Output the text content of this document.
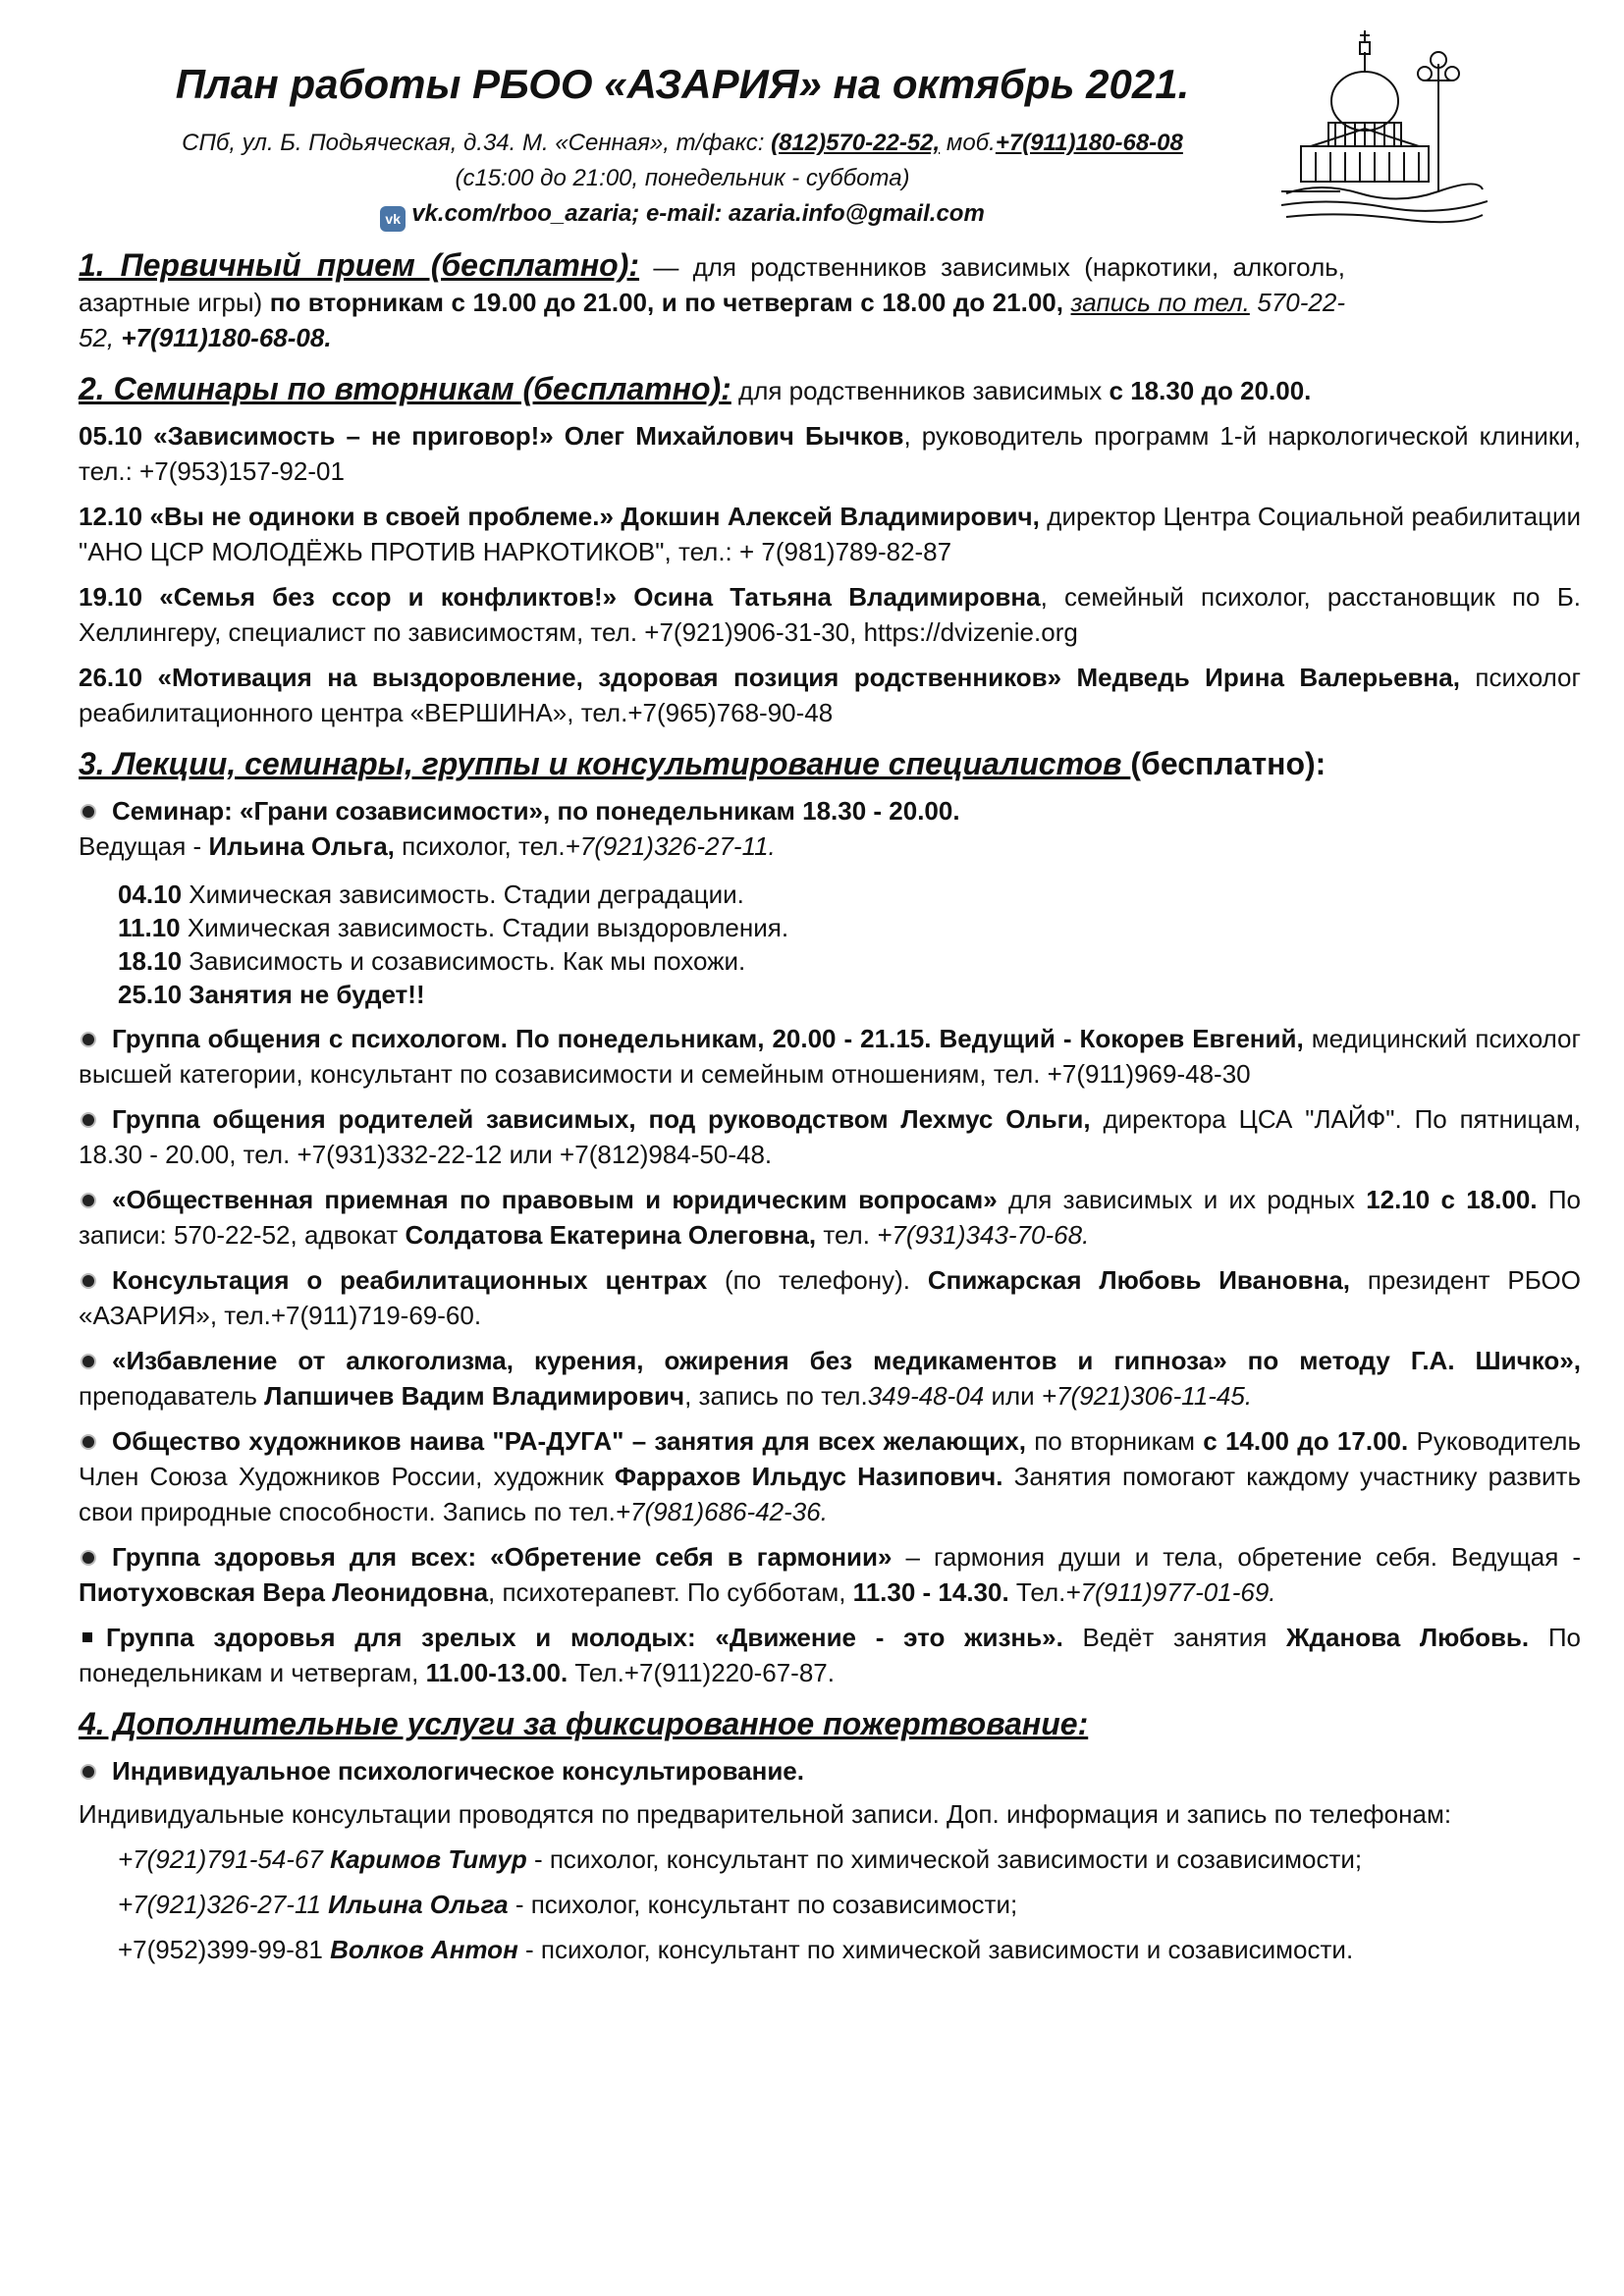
План работы РБОО «АЗАРИЯ» на октябрь 2021.
СПб, ул. Б. Подьяческая, д.34. М. «Сенная», т/факс: (812)570-22-52, моб.+7(911)180-68-08
(с15:00 до 21:00, понедельник - суббота)
vk vk.com/rboo_azaria; e-mail: azaria.info@gmail.com

1. Первичный прием (бесплатно): — для родственников зависимых (наркотики, алкоголь, азартные игры) по вторникам с 19.00 до 21.00, и по четвергам с 18.00 до 21.00, запись по тел. 570-22-52, +7(911)180-68-08.

2. Семинары по вторникам (бесплатно): для родственников зависимых с 18.30 до 20.00.

05.10 «Зависимость – не приговор!» Олег Михайлович Бычков, руководитель программ 1-й наркологической клиники, тел.: +7(953)157-92-01

12.10 «Вы не одиноки в своей проблеме.» Докшин Алексей Владимирович, директор Центра Социальной реабилитации "АНО ЦСР МОЛОДЁЖЬ ПРОТИВ НАРКОТИКОВ", тел.: + 7(981)789-82-87

19.10 «Семья без ссор и конфликтов!» Осина Татьяна Владимировна, семейный психолог, расстановщик по Б. Хеллингеру, специалист по зависимостям, тел. +7(921)906-31-30, https://dvizenie.org

26.10 «Мотивация на выздоровление, здоровая позиция родственников» Медведь Ирина Валерьевна, психолог реабилитационного центра «ВЕРШИНА», тел.+7(965)768-90-48

3. Лекции, семинары, группы и консультирование специалистов (бесплатно):

Семинар: «Грани созависимости», по понедельникам 18.30 - 20.00.

Ведущая - Ильина Ольга, психолог, тел.+7(921)326-27-11.

04.10 Химическая зависимость. Стадии деградации.

11.10 Химическая зависимость. Стадии выздоровления.

18.10 Зависимость и созависимость. Как мы похожи.

25.10 Занятия не будет!!

Группа общения с психологом. По понедельникам, 20.00 - 21.15. Ведущий - Кокорев Евгений, медицинский психолог высшей категории, консультант по созависимости и семейным отношениям, тел. +7(911)969-48-30

Группа общения родителей зависимых, под руководством Лехмус Ольги, директора ЦСА "ЛАЙФ". По пятницам, 18.30 - 20.00, тел. +7(931)332-22-12 или +7(812)984-50-48.

«Общественная приемная по правовым и юридическим вопросам» для зависимых и их родных 12.10 с 18.00. По записи: 570-22-52, адвокат Солдатова Екатерина Олеговна, тел. +7(931)343-70-68.

Консультация о реабилитационных центрах (по телефону). Спижарская Любовь Ивановна, президент РБОО «АЗАРИЯ», тел.+7(911)719-69-60.

«Избавление от алкоголизма, курения, ожирения без медикаментов и гипноза» по методу Г.А. Шичко», преподаватель Лапшичев Вадим Владимирович, запись по тел.349-48-04 или +7(921)306-11-45.

Общество художников наива "РА-ДУГА" – занятия для всех желающих, по вторникам с 14.00 до 17.00. Руководитель Член Союза Художников России, художник Фаррахов Ильдус Назипович. Занятия помогают каждому участнику развить свои природные способности. Запись по тел.+7(981)686-42-36.

Группа здоровья для всех: «Обретение себя в гармонии» – гармония души и тела, обретение себя. Ведущая - Пиотуховская Вера Леонидовна, психотерапевт. По субботам, 11.30 - 14.30. Тел.+7(911)977-01-69.

Группа здоровья для зрелых и молодых: «Движение - это жизнь». Ведёт занятия Жданова Любовь. По понедельникам и четвергам, 11.00-13.00. Тел.+7(911)220-67-87.

4. Дополнительные услуги за фиксированное пожертвование:

Индивидуальное психологическое консультирование.

Индивидуальные консультации проводятся по предварительной записи. Доп. информация и запись по телефонам:

+7(921)791-54-67 Каримов Тимур - психолог, консультант по химической зависимости и созависимости;

+7(921)326-27-11 Ильина Ольга - психолог, консультант по созависимости;

+7(952)399-99-81 Волков Антон - психолог, консультант по химической зависимости и созависимости.
